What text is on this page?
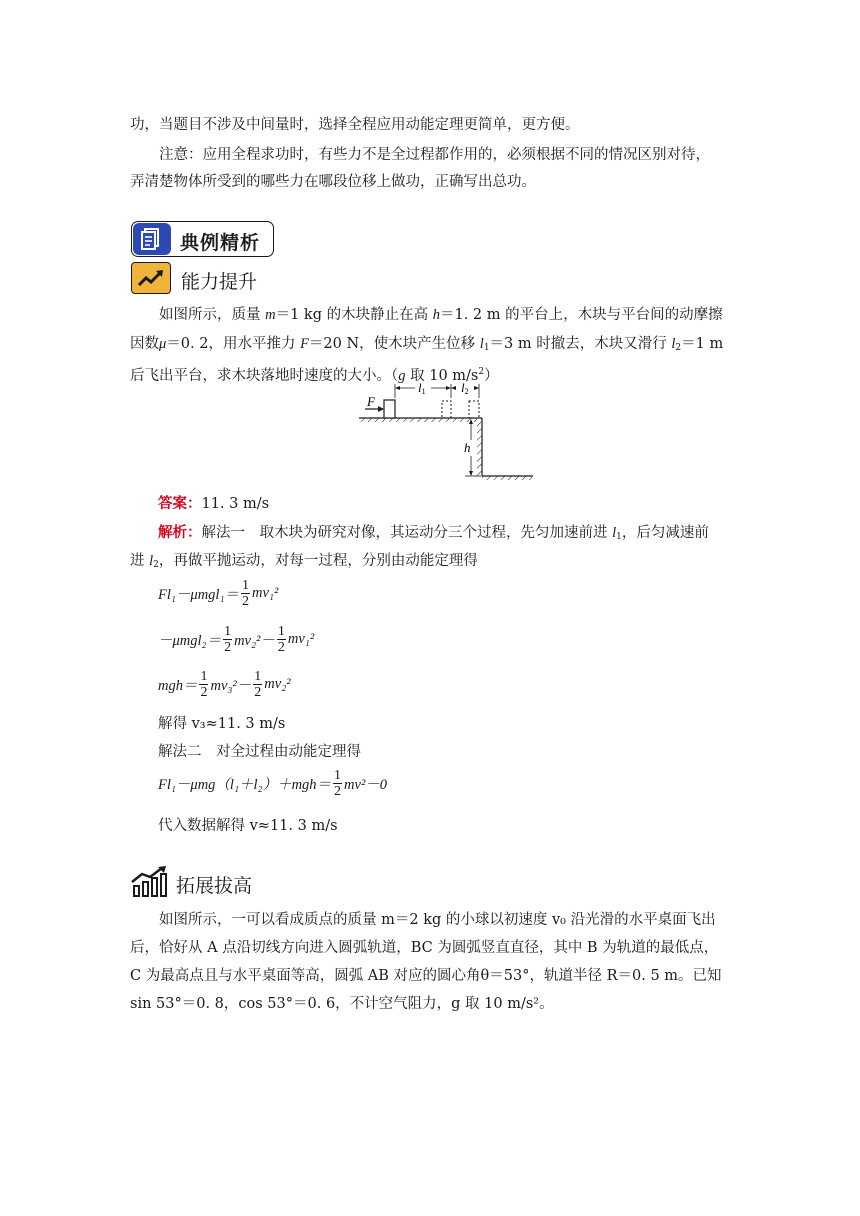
功，当题目不涉及中间量时，选择全程应用动能定理更简单，更方便。
注意：应用全程求功时，有些力不是全过程都作用的，必须根据不同的情况区别对待，
弄清楚物体所受到的哪些力在哪段位移上做功，正确写出总功。
典例精析
能力提升
如图所示，质量 m＝1 kg 的木块静止在高 h＝1. 2 m 的平台上，木块与平台间的动摩擦
因数μ＝0. 2，用水平推力 F＝20 N，使木块产生位移 $l_1=3$ m 时撤去，木块又滑行 $l_2=1$ m
后飞出平台，求木块落地时速度的大小。（g 取 10 $m/s^2$）
F
l1	l2
h
答案：11. 3 m/s
解析：解法一　取木块为研究对像，其运动分三个过程，先匀加速前进 $l_1$，后匀减速前
进 $l_2$，再做平抛运动，对每一过程，分别由动能定理得
$Fl_1-\mu mgl_1= \frac{1}{2} mv_1^2$
$-\mu mgl_2= \frac{1}{2} mv_2^2- \frac{1}{2} mv_1^2$
$mgh= \frac{1}{2} mv_3^2- \frac{1}{2} mv_2^2$
解得 v₃≈11. 3 m/s
解法二　对全过程由动能定理得
$Fl_1-\mu mg(l_1+l_2)+mgh= \frac{1}{2} mv^2-0$
代入数据解得 v≈11. 3 m/s
拓展拔高
如图所示，一可以看成质点的质量 m＝2 kg 的小球以初速度 v₀ 沿光滑的水平桌面飞出
后，恰好从 A 点沿切线方向进入圆弧轨道，BC 为圆弧竖直直径，其中 B 为轨道的最低点，
C 为最高点且与水平桌面等高，圆弧 AB 对应的圆心角θ＝53°，轨道半径 R＝0. 5 m。已知
sin 53°＝0. 8，cos 53°＝0. 6，不计空气阻力，g 取 10 m/s²。
